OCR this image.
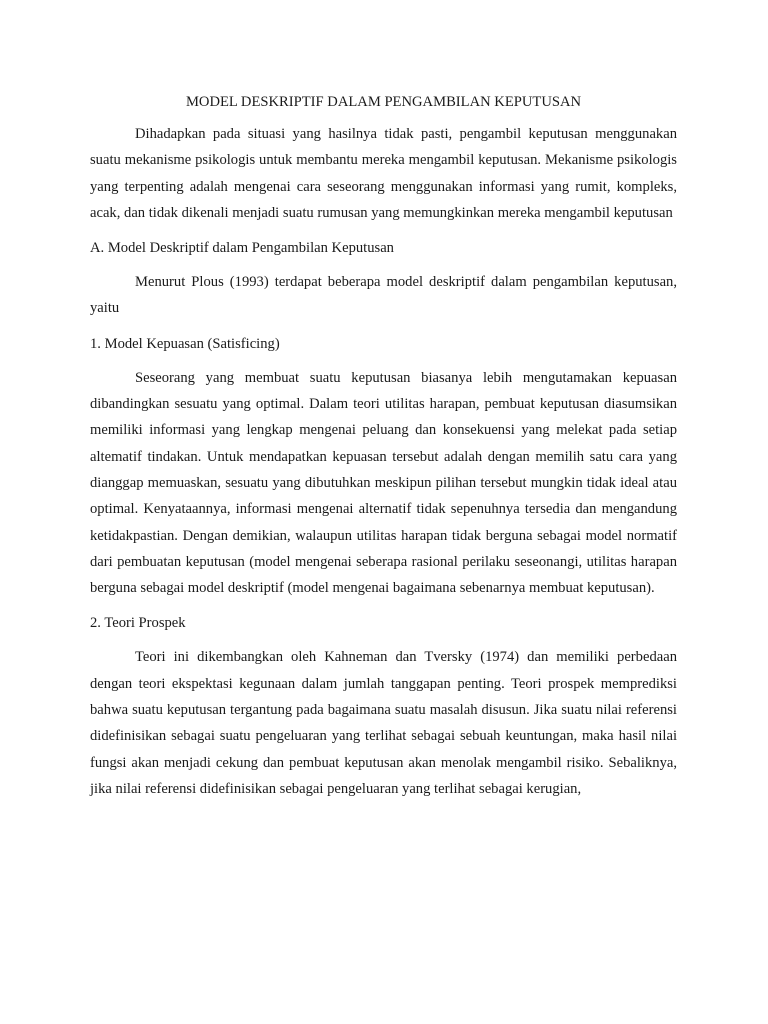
MODEL DESKRIPTIF DALAM PENGAMBILAN KEPUTUSAN

Dihadapkan pada situasi yang hasilnya tidak pasti, pengambil keputusan menggunakan suatu mekanisme psikologis untuk membantu mereka mengambil keputusan. Mekanisme psikologis yang terpenting adalah mengenai cara seseorang menggunakan informasi yang rumit, kompleks, acak, dan tidak dikenali menjadi suatu rumusan yang memungkinkan mereka mengambil keputusan

A. Model Deskriptif dalam Pengambilan Keputusan

Menurut Plous (1993) terdapat beberapa model deskriptif dalam pengambilan keputusan, yaitu

1. Model Kepuasan (Satisficing)

Seseorang yang membuat suatu keputusan biasanya lebih mengutamakan kepuasan dibandingkan sesuatu yang optimal. Dalam teori utilitas harapan, pembuat keputusan diasumsikan memiliki informasi yang lengkap mengenai peluang dan konsekuensi yang melekat pada setiap altematif tindakan. Untuk mendapatkan kepuasan tersebut adalah dengan memilih satu cara yang dianggap memuaskan, sesuatu yang dibutuhkan meskipun pilihan tersebut mungkin tidak ideal atau optimal. Kenyataannya, informasi mengenai alternatif tidak sepenuhnya tersedia dan mengandung ketidakpastian. Dengan demikian, walaupun utilitas harapan tidak berguna sebagai model normatif dari pembuatan keputusan (model mengenai seberapa rasional perilaku seseonangi, utilitas harapan berguna sebagai model deskriptif (model mengenai bagaimana sebenarnya membuat keputusan).

2. Teori Prospek

Teori ini dikembangkan oleh Kahneman dan Tversky (1974) dan memiliki perbedaan dengan teori ekspektasi kegunaan dalam jumlah tanggapan penting. Teori prospek memprediksi bahwa suatu keputusan tergantung pada bagaimana suatu masalah disusun. Jika suatu nilai referensi didefinisikan sebagai suatu pengeluaran yang terlihat sebagai sebuah keuntungan, maka hasil nilai fungsi akan menjadi cekung dan pembuat keputusan akan menolak mengambil risiko. Sebaliknya, jika nilai referensi didefinisikan sebagai pengeluaran yang terlihat sebagai kerugian,
